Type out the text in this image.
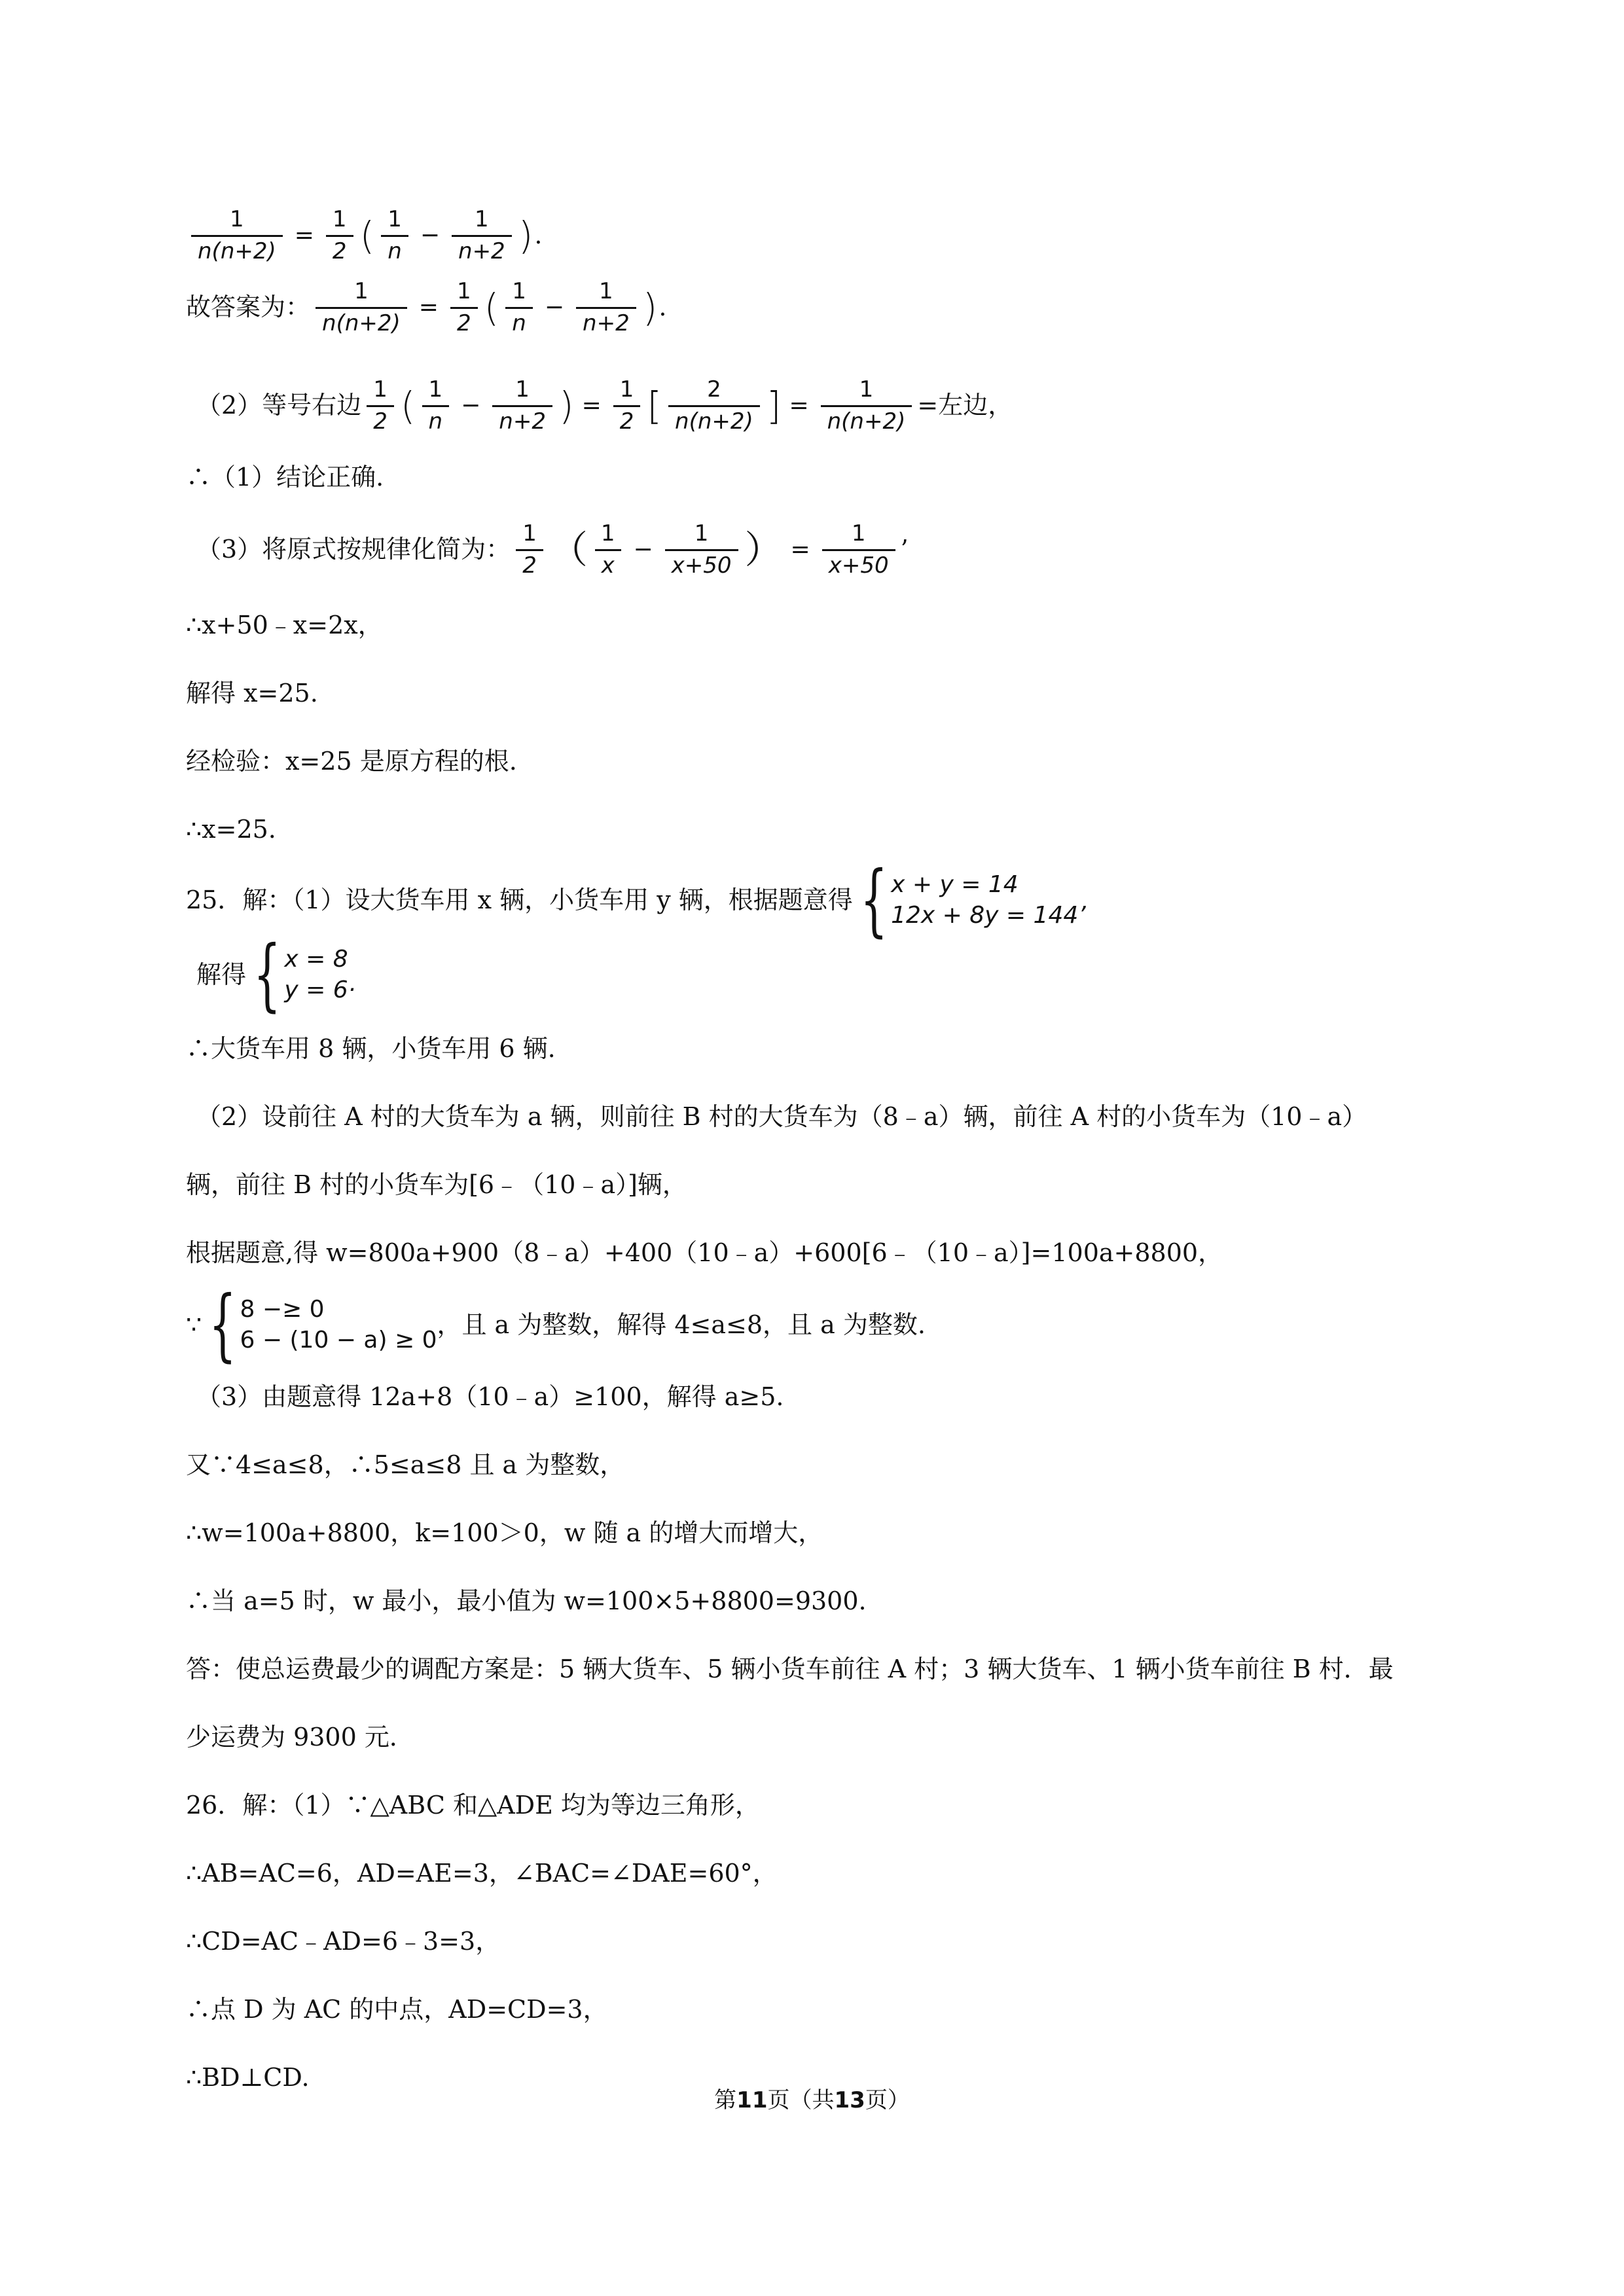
$\frac{1}{n(n+2)} = \frac{1}{2}$ ( $\frac{1}{n} - \frac{1}{n+2}$ ) .
故答案为： $\frac{1}{n(n+2)} = \frac{1}{2}$ ( $\frac{1}{n} - \frac{1}{n+2}$ ) .
（2）等号右边 $\frac{1}{2}$ ( $\frac{1}{n} - \frac{1}{n+2}$ ) = $\frac{1}{2}$ [ $\frac{2}{n(n+2)}$ ] = $\frac{1}{n(n+2)}$ =左边，
∴（1）结论正确.
（3）将原式按规律化简为： $\frac{1}{2}$ （ $\frac{1}{x} - \frac{1}{x+50}$ ） = $\frac{1}{x+50}$ ’
∴x+50﹣x=2x，
解得 x=25.
经检验：x=25 是原方程的根.
∴x=25.
25．解：（1）设大货车用 x 辆，小货车用 y 辆，根据题意得 { x + y = 14
12x + 8y = 144’
解得 { x = 8
y = 6·
∴大货车用 8 辆，小货车用 6 辆.
（2）设前往 A 村的大货车为 a 辆，则前往 B 村的大货车为（8﹣a）辆，前往 A 村的小货车为（10﹣a）
辆，前往 B 村的小货车为[6﹣（10﹣a）]辆，
根据题意,得 w=800a+900（8﹣a）+400（10﹣a）+600[6﹣（10﹣a）]=100a+8800，
∵ { 8 −≥ 0
6 − (10 − a) ≥ 0
，且 a 为整数，解得 4≤a≤8，且 a 为整数.
（3）由题意得 12a+8（10﹣a）≥100，解得 a≥5.
又∵4≤a≤8，∴5≤a≤8 且 a 为整数，
∴w=100a+8800，k=100＞0，w 随 a 的增大而增大，
∴当 a=5 时，w 最小，最小值为 w=100×5+8800=9300.
答：使总运费最少的调配方案是：5 辆大货车、5 辆小货车前往 A 村；3 辆大货车、1 辆小货车前往 B 村．最
少运费为 9300 元．
26．解：（1）∵△ABC 和△ADE 均为等边三角形，
∴AB=AC=6，AD=AE=3，∠BAC=∠DAE=60°，
∴CD=AC﹣AD=6﹣3=3，
∴点 D 为 AC 的中点，AD=CD=3，
∴BD⊥CD.
第11页（共13页）
